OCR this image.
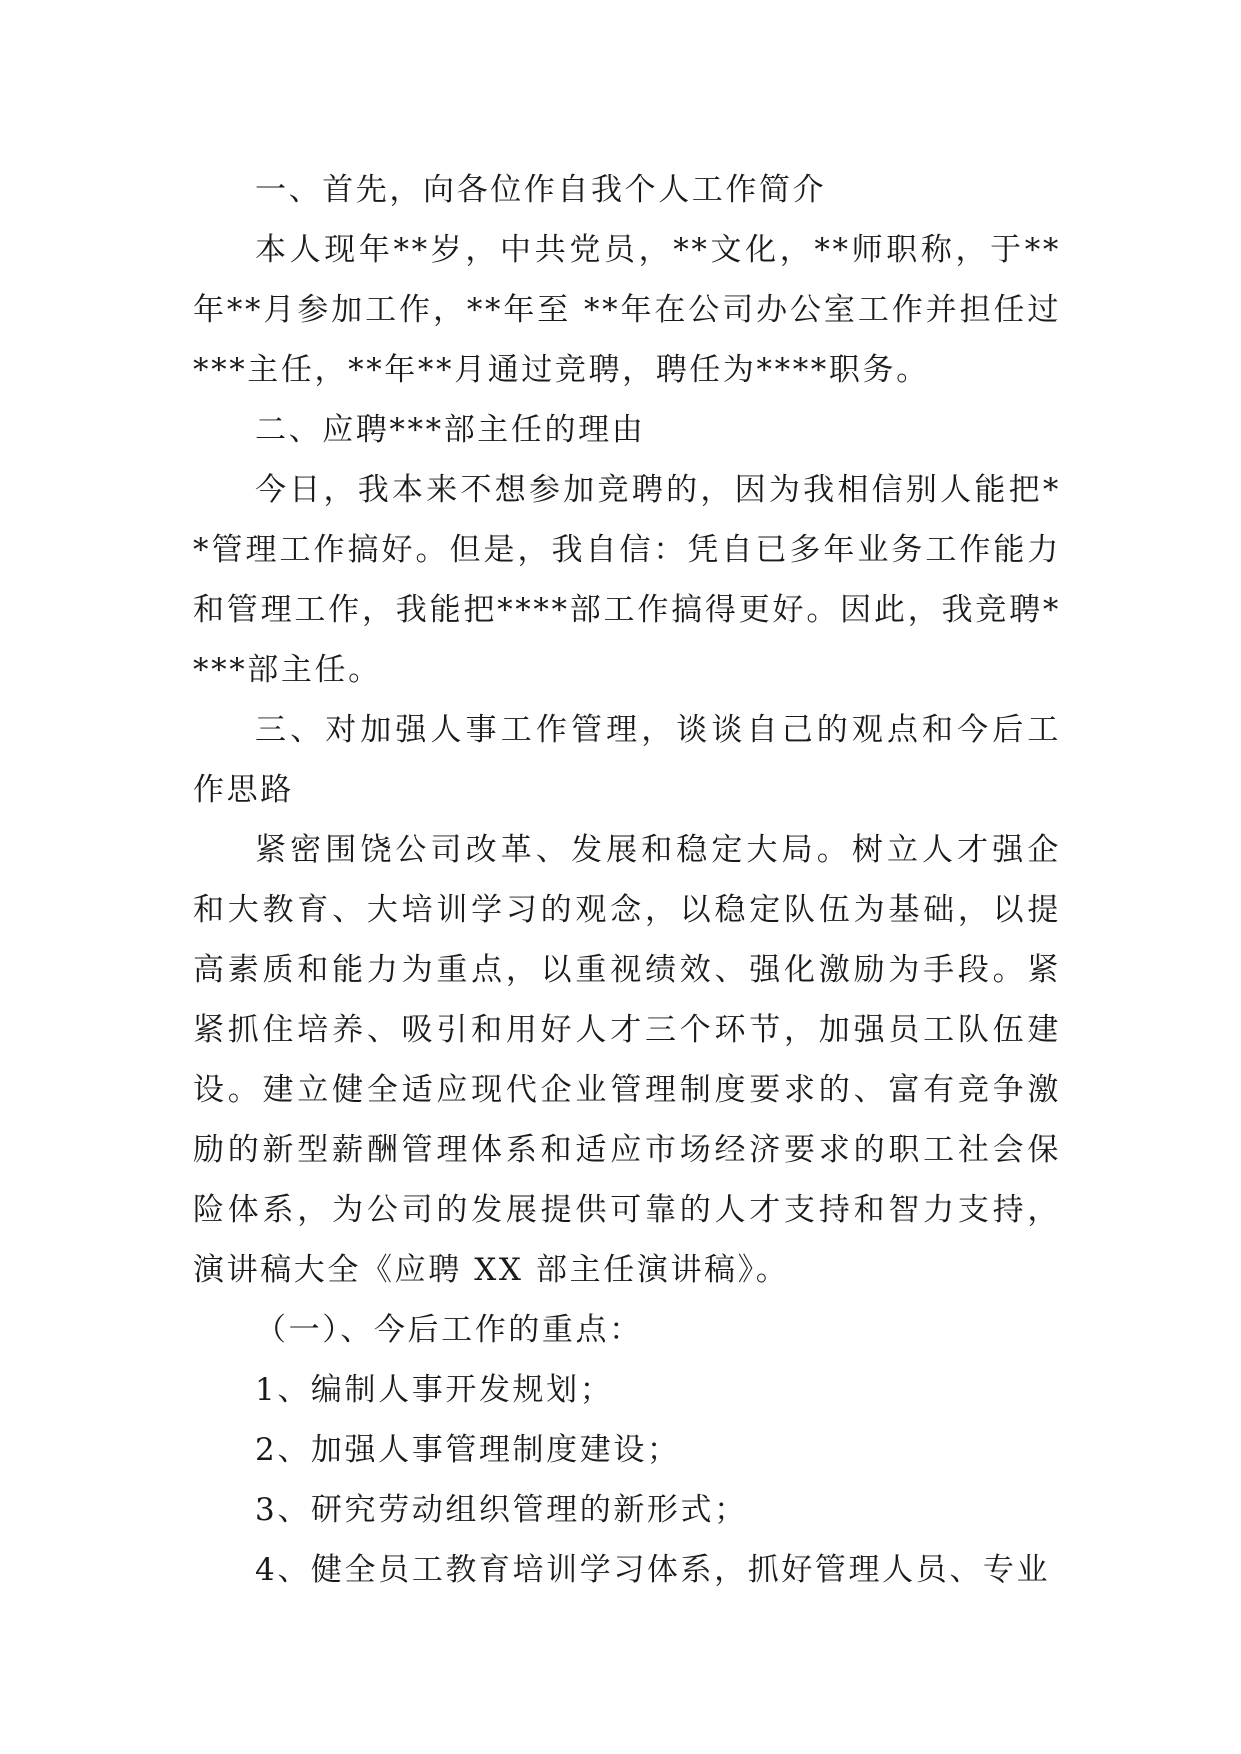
一、首先，向各位作自我个人工作简介

本人现年**岁，中共党员，**文化，**师职称，于**年**月参加工作，**年至 **年在公司办公室工作并担任过***主任，**年**月通过竞聘，聘任为****职务。

二、应聘***部主任的理由

今日，我本来不想参加竞聘的，因为我相信别人能把**管理工作搞好。但是，我自信：凭自已多年业务工作能力和管理工作，我能把****部工作搞得更好。因此，我竞聘****部主任。

三、对加强人事工作管理，谈谈自己的观点和今后工作思路

紧密围饶公司改革、发展和稳定大局。树立人才强企和大教育、大培训学习的观念，以稳定队伍为基础，以提高素质和能力为重点，以重视绩效、强化激励为手段。紧紧抓住培养、吸引和用好人才三个环节，加强员工队伍建设。建立健全适应现代企业管理制度要求的、富有竞争激励的新型薪酬管理体系和适应市场经济要求的职工社会保险体系，为公司的发展提供可靠的人才支持和智力支持，演讲稿大全《应聘 XX 部主任演讲稿》。

（一）、今后工作的重点：

1、编制人事开发规划；

2、加强人事管理制度建设；

3、研究劳动组织管理的新形式；

4、健全员工教育培训学习体系，抓好管理人员、专业
